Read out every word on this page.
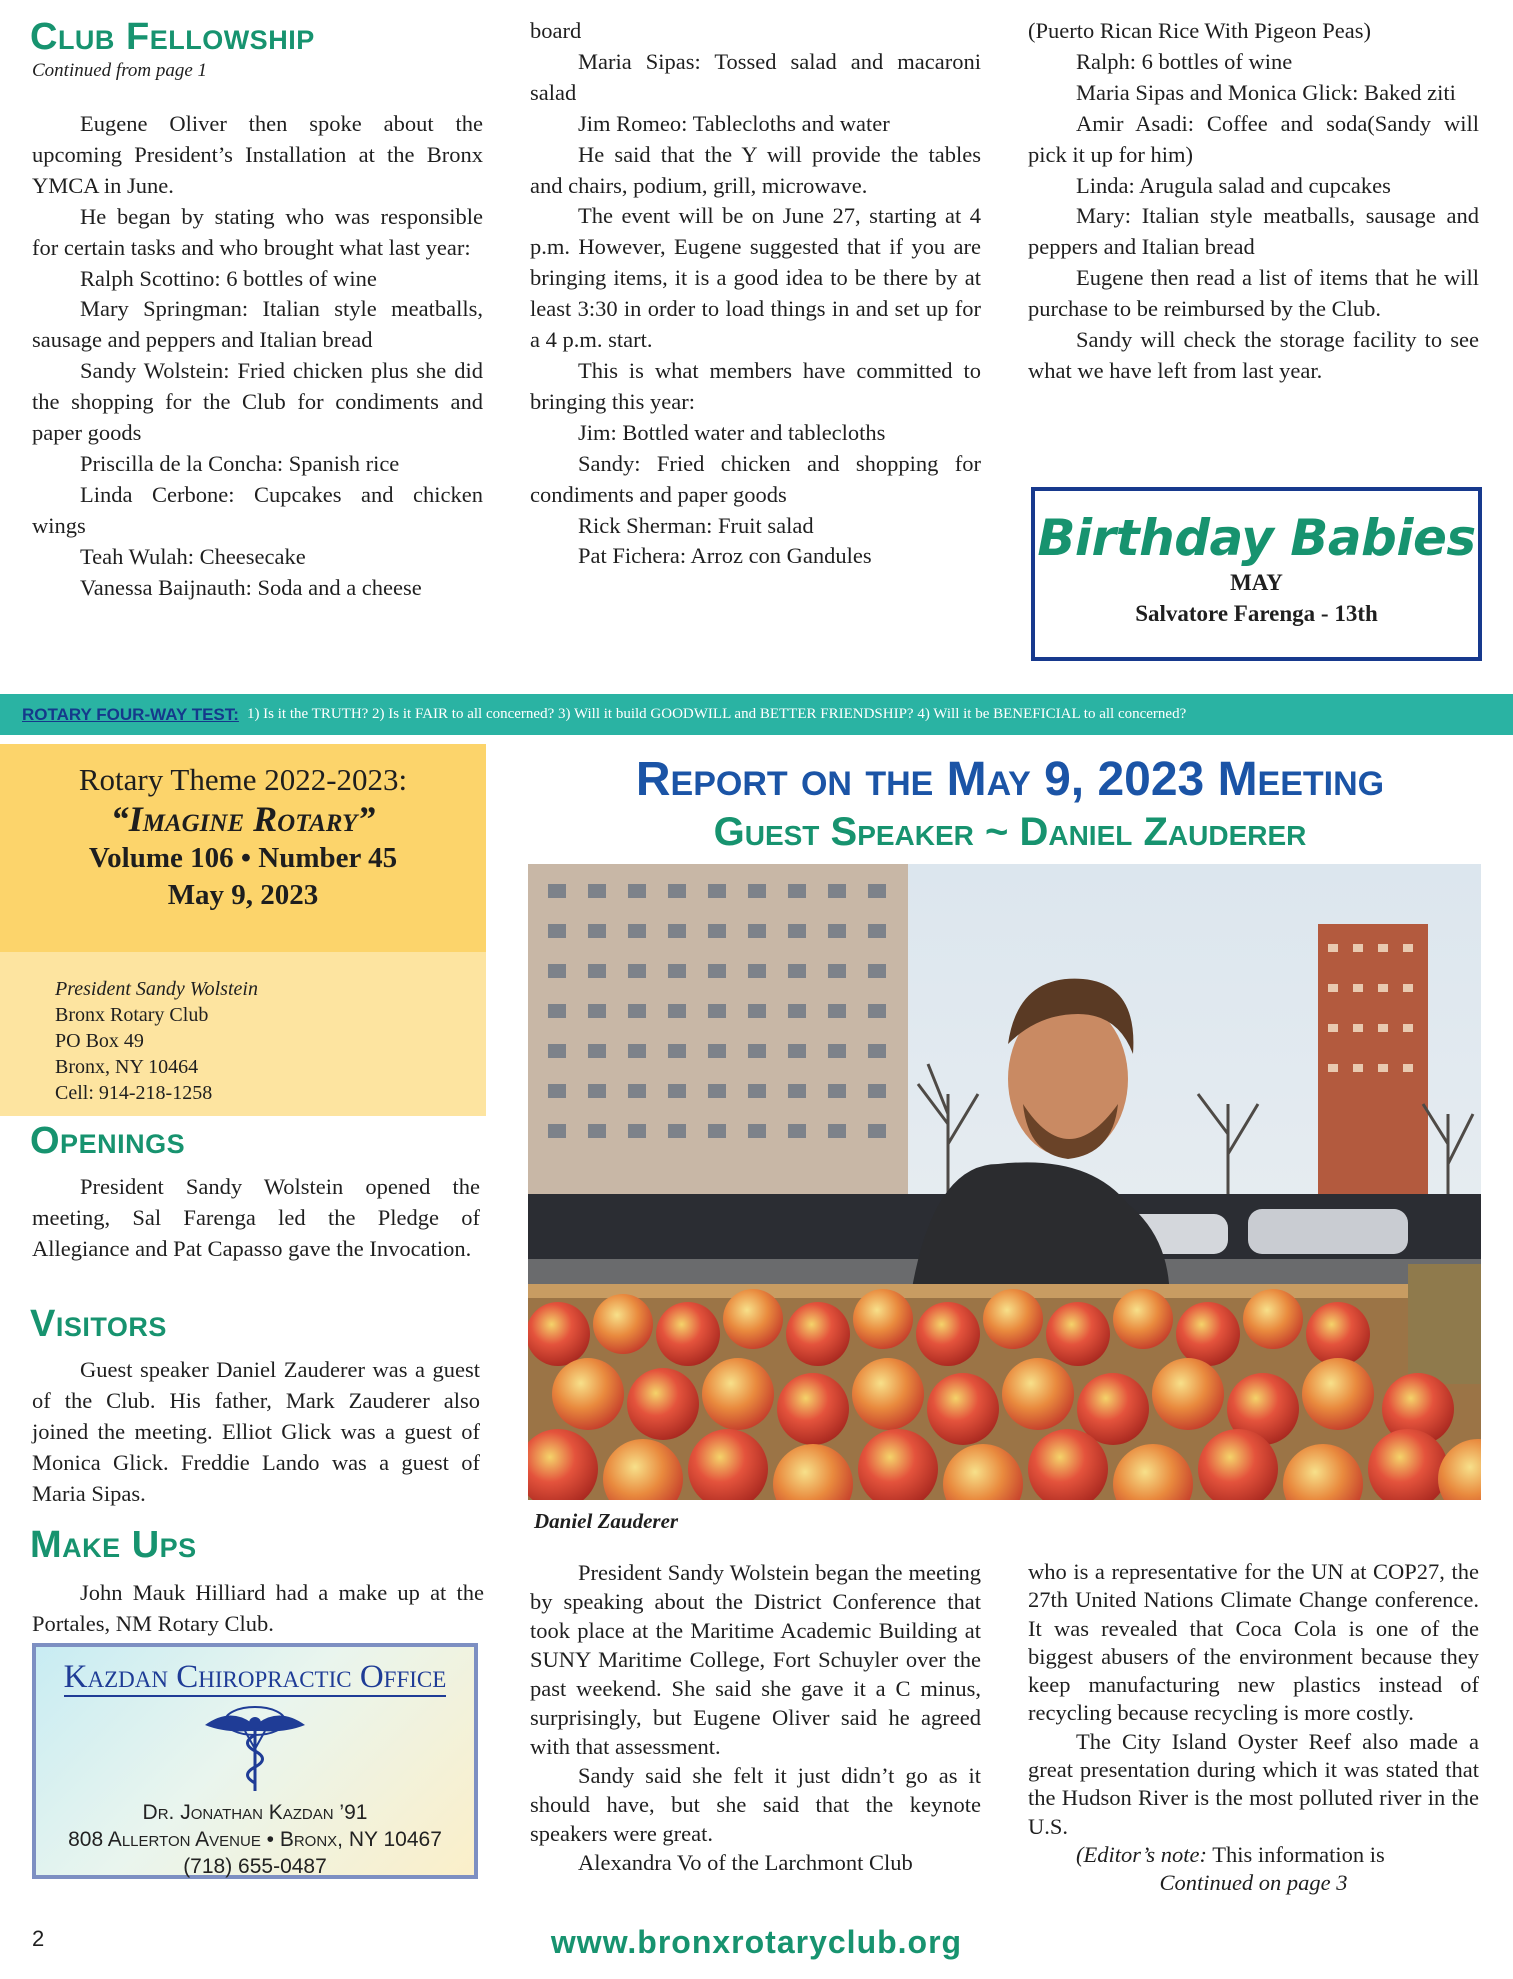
Club Fellowship
Continued from page 1

Eugene Oliver then spoke about the upcoming President’s Installation at the Bronx YMCA in June.

He began by stating who was responsible for certain tasks and who brought what last year:

Ralph Scottino: 6 bottles of wine

Mary Springman: Italian style meatballs, sausage and peppers and Italian bread

Sandy Wolstein: Fried chicken plus she did the shopping for the Club for condiments and paper goods

Priscilla de la Concha: Spanish rice

Linda Cerbone: Cupcakes and chicken wings

Teah Wulah: Cheesecake

Vanessa Baijnauth: Soda and a cheese

board

Maria Sipas: Tossed salad and macaroni salad

Jim Romeo: Tablecloths and water

He said that the Y will provide the tables and chairs, podium, grill, microwave.

The event will be on June 27, starting at 4 p.m. However, Eugene suggested that if you are bringing items, it is a good idea to be there by at least 3:30 in order to load things in and set up for a 4 p.m. start.

This is what members have committed to bringing this year:

Jim: Bottled water and tablecloths

Sandy: Fried chicken and shopping for condiments and paper goods

Rick Sherman: Fruit salad

Pat Fichera: Arroz con Gandules

(Puerto Rican Rice With Pigeon Peas)

Ralph: 6 bottles of wine

Maria Sipas and Monica Glick: Baked ziti

Amir Asadi: Coffee and soda(Sandy will pick it up for him)

Linda: Arugula salad and cupcakes

Mary: Italian style meatballs, sausage and peppers and Italian bread

Eugene then read a list of items that he will purchase to be reimbursed by the Club.

Sandy will check the storage facility to see what we have left from last year.

Birthday Babies
MAY
Salvatore Farenga - 13th
ROTARY FOUR-WAY TEST: 1) Is it the TRUTH? 2) Is it FAIR to all concerned? 3) Will it build GOODWILL and BETTER FRIENDSHIP? 4) Will it be BENEFICIAL to all concerned?
Rotary Theme 2022-2023:
“Imagine Rotary”
Volume 106 • Number 45
May 9, 2023
President Sandy Wolstein
Bronx Rotary Club
PO Box 49
Bronx, NY 10464
Cell: 914-218-1258
Openings

President Sandy Wolstein opened the meeting, Sal Farenga led the Pledge of Allegiance and Pat Capasso gave the Invocation.

Visitors

Guest speaker Daniel Zauderer was a guest of the Club. His father, Mark Zauderer also joined the meeting. Elliot Glick was a guest of Monica Glick. Freddie Lando was a guest of Maria Sipas.

Make Ups

John Mauk Hilliard had a make up at the Portales, NM Rotary Club.

Kazdan Chiropractic Office
Dr. Jonathan Kazdan ’91
808 Allerton Avenue • Bronx, NY 10467
(718) 655-0487
Report on the May 9, 2023 Meeting
Guest Speaker ~ Daniel Zauderer
Daniel Zauderer

President Sandy Wolstein began the meeting by speaking about the District Conference that took place at the Maritime Academic Building at SUNY Maritime College, Fort Schuyler over the past weekend. She said she gave it a C minus, surprisingly, but Eugene Oliver said he agreed with that assessment.

Sandy said she felt it just didn’t go as it should have, but she said that the keynote speakers were great.

Alexandra Vo of the Larchmont Club

who is a representative for the UN at COP27, the 27th United Nations Climate Change conference. It was revealed that Coca Cola is one of the biggest abusers of the environment because they keep manufacturing new plastics instead of recycling because recycling is more costly.

The City Island Oyster Reef also made a great presentation during which it was stated that the Hudson River is the most polluted river in the U.S.

(Editor’s note: This information is

Continued on page 3
2	www.bronxrotaryclub.org
